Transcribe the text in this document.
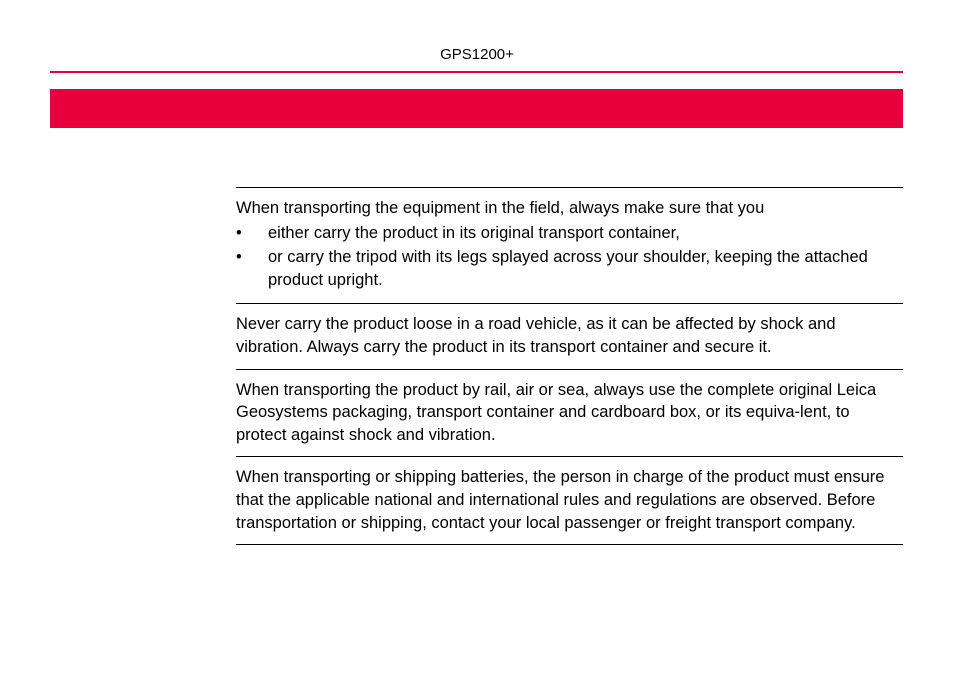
GPS1200+

When transporting the equipment in the field, always make sure that you

• either carry the product in its original transport container,
• or carry the tripod with its legs splayed across your shoulder, keeping the attached product upright.

Never carry the product loose in a road vehicle, as it can be affected by shock and vibration. Always carry the product in its transport container and secure it.

When transporting the product by rail, air or sea, always use the complete original Leica Geosystems packaging, transport container and cardboard box, or its equiva-lent, to protect against shock and vibration.

When transporting or shipping batteries, the person in charge of the product must ensure that the applicable national and international rules and regulations are observed. Before transportation or shipping, contact your local passenger or freight transport company.
